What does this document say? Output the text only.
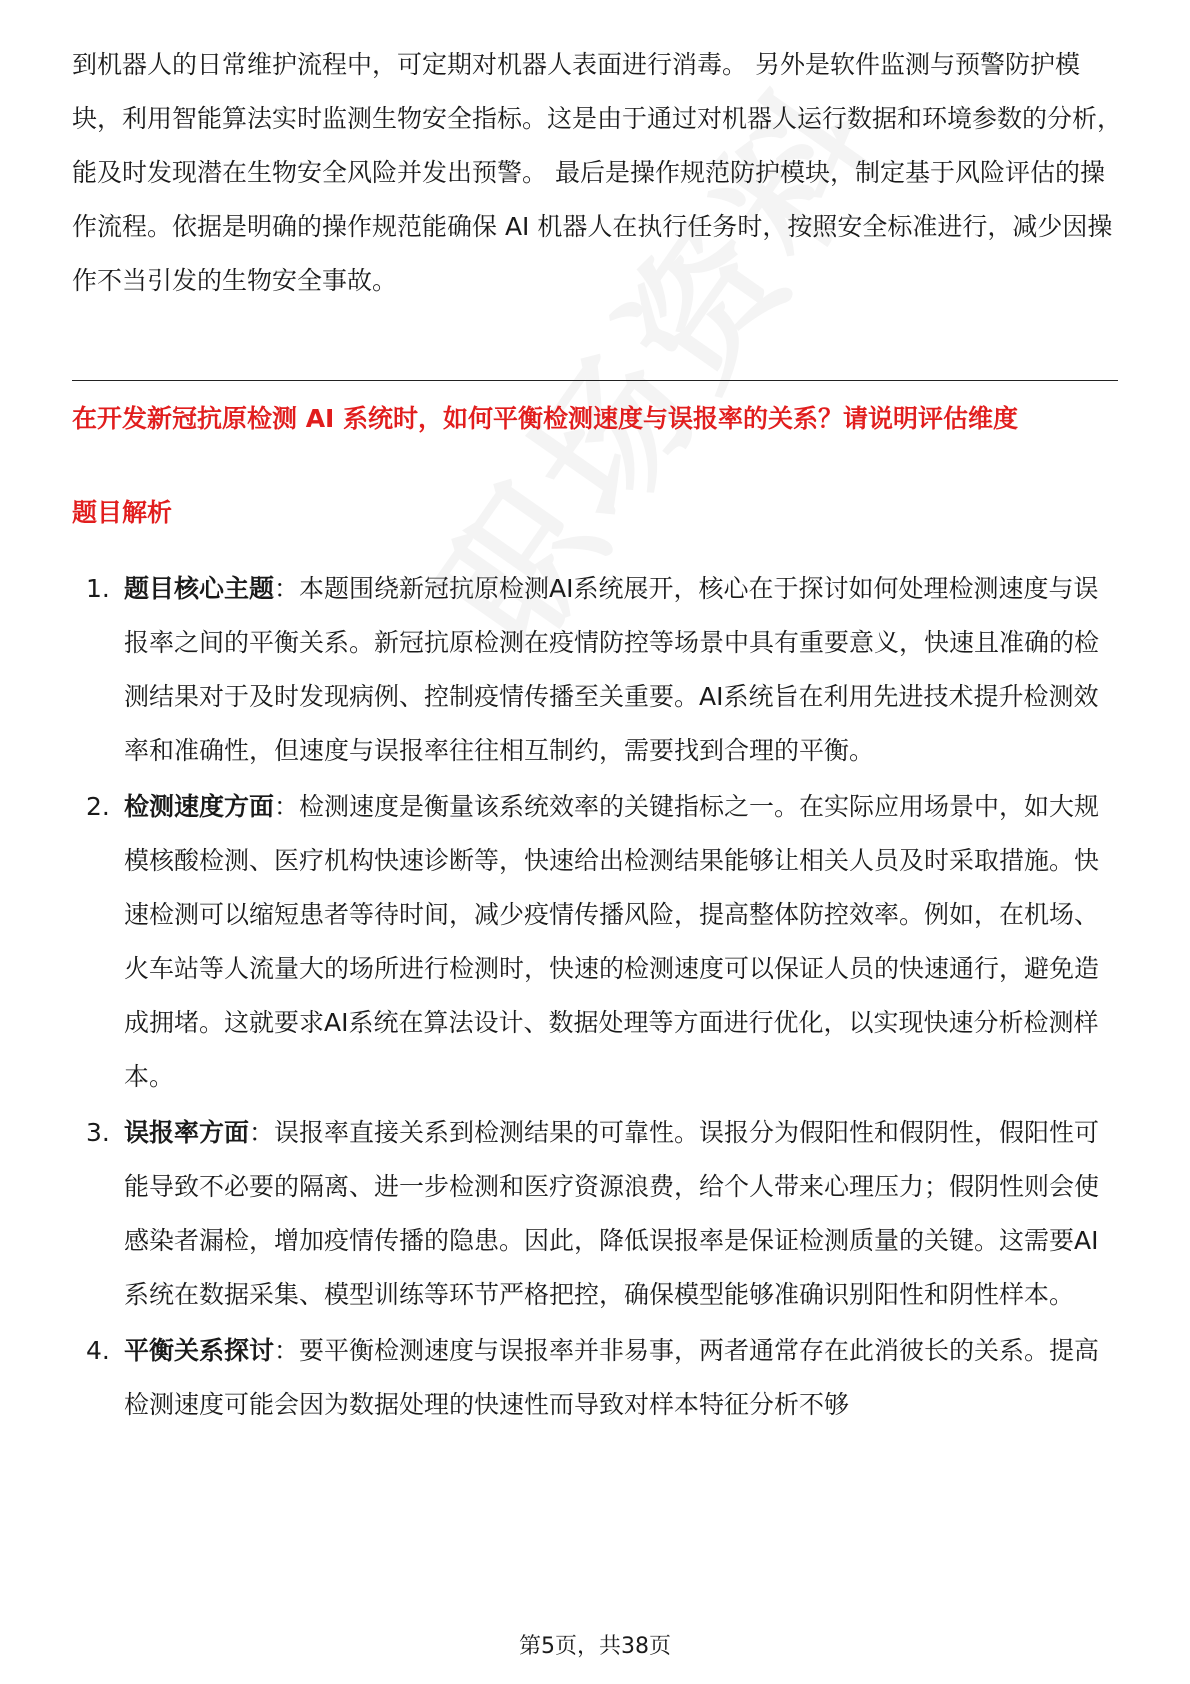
到机器人的日常维护流程中，可定期对机器人表面进行消毒。 另外是软件监测与预警防护模块，利用智能算法实时监测生物安全指标。这是由于通过对机器人运行数据和环境参数的分析，能及时发现潜在生物安全风险并发出预警。 最后是操作规范防护模块，制定基于风险评估的操作流程。依据是明确的操作规范能确保 AI 机器人在执行任务时，按照安全标准进行，减少因操作不当引发的生物安全事故。

在开发新冠抗原检测 AI 系统时，如何平衡检测速度与误报率的关系？请说明评估维度

题目解析

1. 题目核心主题：本题围绕新冠抗原检测AI系统展开，核心在于探讨如何处理检测速度与误报率之间的平衡关系。新冠抗原检测在疫情防控等场景中具有重要意义，快速且准确的检测结果对于及时发现病例、控制疫情传播至关重要。AI系统旨在利用先进技术提升检测效率和准确性，但速度与误报率往往相互制约，需要找到合理的平衡。
2. 检测速度方面：检测速度是衡量该系统效率的关键指标之一。在实际应用场景中，如大规模核酸检测、医疗机构快速诊断等，快速给出检测结果能够让相关人员及时采取措施。快速检测可以缩短患者等待时间，减少疫情传播风险，提高整体防控效率。例如，在机场、火车站等人流量大的场所进行检测时，快速的检测速度可以保证人员的快速通行，避免造成拥堵。这就要求AI系统在算法设计、数据处理等方面进行优化，以实现快速分析检测样本。
3. 误报率方面：误报率直接关系到检测结果的可靠性。误报分为假阳性和假阴性，假阳性可能导致不必要的隔离、进一步检测和医疗资源浪费，给个人带来心理压力；假阴性则会使感染者漏检，增加疫情传播的隐患。因此，降低误报率是保证检测质量的关键。这需要AI系统在数据采集、模型训练等环节严格把控，确保模型能够准确识别阳性和阴性样本。
4. 平衡关系探讨：要平衡检测速度与误报率并非易事，两者通常存在此消彼长的关系。提高检测速度可能会因为数据处理的快速性而导致对样本特征分析不够
第5页，共38页
